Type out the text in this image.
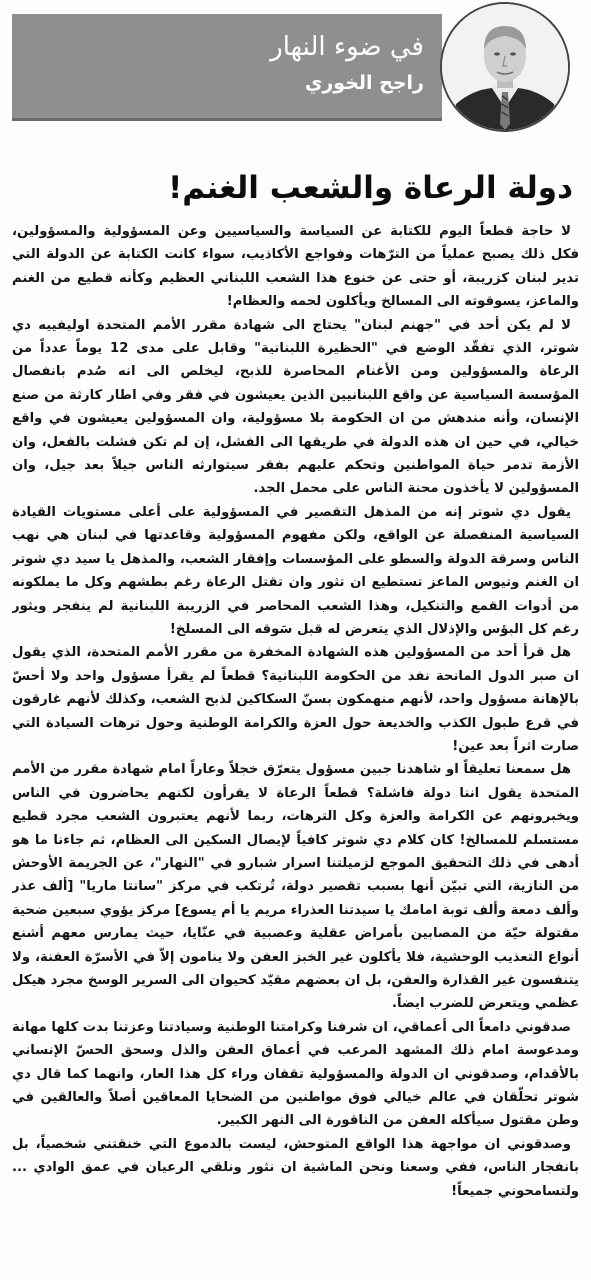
في ضوء النهار
راجح الخوري
دولة الرعاة والشعب الغنم!

لا حاجة قطعاً اليوم للكتابة عن السياسة والسياسيين وعن المسؤولية والمسؤولين، فكل ذلك يصبح عملياً من الترّهات وفواجع الأكاذيب، سواء كانت الكتابة عن الدولة التي تدير لبنان كزريبة، أو حتى عن خنوع هذا الشعب اللبناني العظيم وكأنه قطيع من الغنم والماعز، يسوقوته الى المسالخ ويأكلون لحمه والعظام!

لا لم يكن أحد في "جهنم لبنان" يحتاج الى شهادة مقرر الأمم المتحدة اوليفييه دي شوتر، الذي تفقّد الوضع في "الحظيرة اللبنانية" وقابل على مدى 12 يوماً عدداً من الرعاة والمسؤولين ومن الأغنام المحاصرة للذبح، ليخلص الى انه صُدم بانفصال المؤسسة السياسية عن واقع اللبنانيين الذين يعيشون في فقر وفي اطار كارثة من صنع الإنسان، وأنه مندهش من ان الحكومة بلا مسؤولية، وان المسؤولين يعيشون في واقع خيالي، في حين ان هذه الدولة في طريقها الى الفشل، إن لم تكن فشلت بالفعل، وان الأزمة تدمر حياة المواطنين وتحكم عليهم بفقر سيتوارثه الناس جيلاً بعد جيل، وان المسؤولين لا يأخذون محنة الناس على محمل الجد.

يقول دي شوتر إنه من المذهل التقصير في المسؤولية على أعلى مستويات القيادة السياسية المنفصلة عن الواقع، ولكن مفهوم المسؤولية وقاعدتها في لبنان هي نهب الناس وسرقة الدولة والسطو على المؤسسات وإفقار الشعب، والمذهل يا سيد دي شوتر ان الغنم وتيوس الماعز تستطيع ان تثور وان تقتل الرعاة رغم بطشهم وكل ما يملكونه من أدوات القمع والتنكيل، وهذا الشعب المحاصر في الزريبة اللبنانية لم ينفجر ويثور رغم كل البؤس والإذلال الذي يتعرض له قبل سَوقه الى المسلخ!

هل قرأ أحد من المسؤولين هذه الشهادة المخفرة من مقرر الأمم المتحدة، الذي يقول ان صبر الدول المانحة نفد من الحكومة اللبنانية؟ قطعاً لم يقرأ مسؤول واحد ولا أحسّ بالإهانة مسؤول واحد، لأنهم منهمكون بسنّ السكاكين لذبح الشعب، وكذلك لأنهم غارقون في قرع طبول الكذب والخديعة حول العزة والكرامة الوطنية وحول ترهات السيادة التي صارت اثراً بعد عين!

هل سمعنا تعليقاً او شاهدنا جبين مسؤول يتعرّق خجلاً وعاراً امام شهادة مقرر من الأمم المتحدة يقول اننا دولة فاشلة؟ قطعاً الرعاة لا يقرأون لكنهم يحاضرون في الناس ويخبرونهم عن الكرامة والعزة وكل الترهات، ربما لأنهم يعتبرون الشعب مجرد قطيع مستسلم للمسالخ! كان كلام دي شوتر كافياً لإيصال السكين الى العظام، ثم جاءنا ما هو أدهى في ذلك التحقيق الموجع لزميلتنا اسرار شبارو في "النهار"، عن الجريمة الأوحش من النازية، التي تبيّن أنها بسبب تقصير دولة، تُرتكب في مركز "سانتا ماريا" [ألف عذر وألف دمعة وألف توبة امامك يا سيدتنا العذراء مريم يا أم يسوع] مركز يؤوي سبعين ضحية مقتولة حيّة من المصابين بأمراض عقلية وعصبية في عنّايا، حيث يمارس معهم أشنع أنواع التعذيب الوحشية، فلا يأكلون غير الخبز العفن ولا ينامون إلاّ في الأسرّة العفنة، ولا يتنفسون غير القذارة والعفن، بل ان بعضهم مقيّد كحيوان الى السرير الوسخ مجرد هيكل عظمي ويتعرض للضرب ايضاً.

صدقوني دامعاً الى أعماقي، ان شرفنا وكرامتنا الوطنية وسيادتنا وعزتنا بدت كلها مهانة ومدعوسة امام ذلك المشهد المرعب في أعماق العفن والذل وسحق الحسّ الإنساني بالأقدام، وصدقوني ان الدولة والمسؤولية تقفان وراء كل هذا العار، وانهما كما قال دي شوتر تحلّقان في عالم خيالي فوق مواطنين من الضحايا المعاقين أصلاً والعالقين في وطن مقتول سيأكله العفن من الناقورة الى النهر الكبير.

وصدقوني ان مواجهة هذا الواقع المتوحش، ليست بالدموع التي خنقتني شخصياً، بل بانفجار الناس، ففي وسعنا ونحن الماشية ان نثور ونلقي الرعيان في عمق الوادي ... ولتسامحوني جميعاً!
